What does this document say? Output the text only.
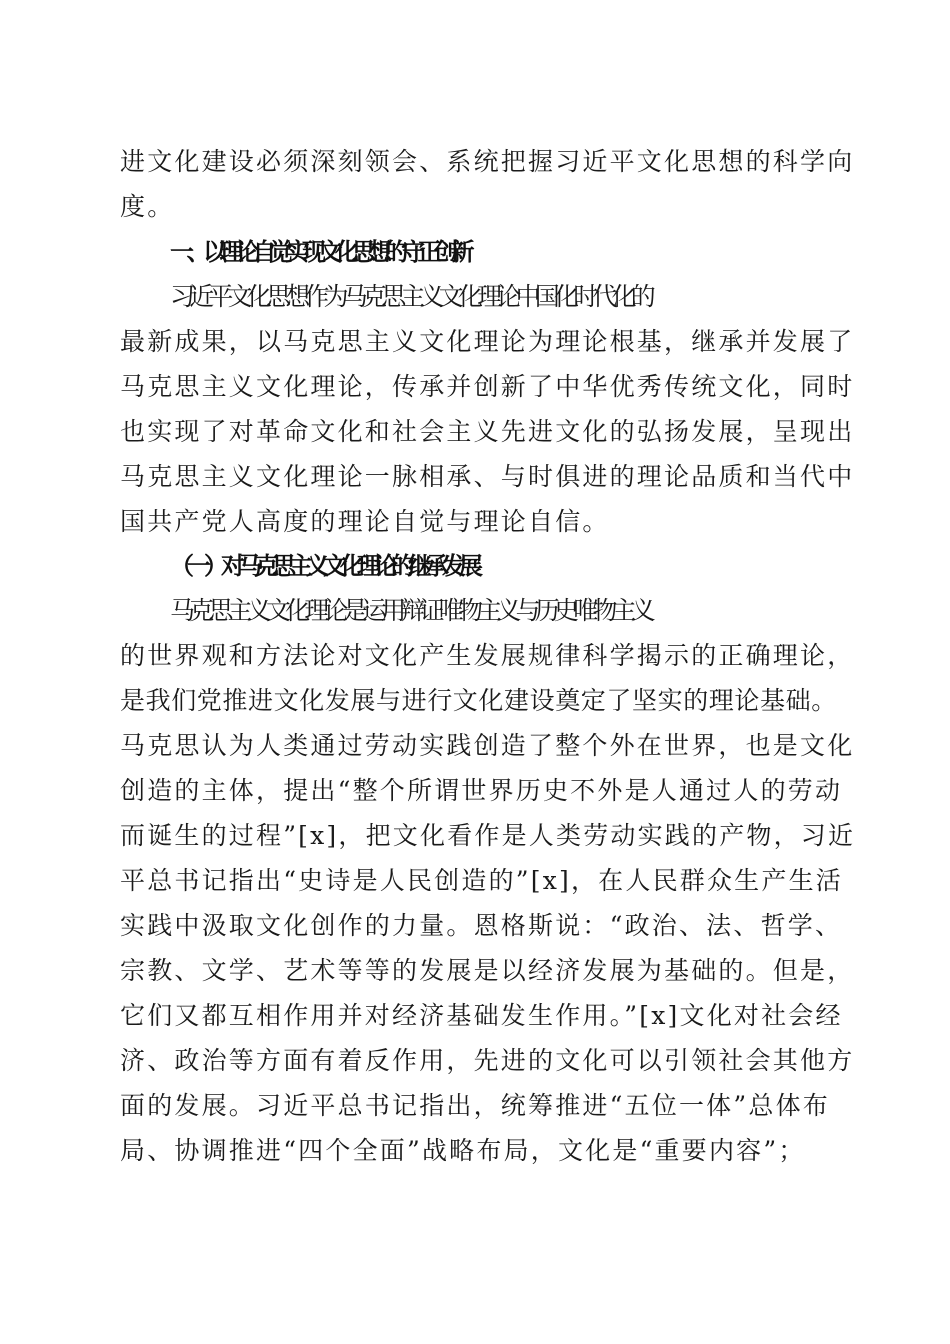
进文化建设必须深刻领会、系统把握习近平文化思想的科学向
度。
一、以理论自觉实现文化思想的守正创新
习近平文化思想作为马克思主义文化理论中国化时代化的
最新成果，以马克思主义文化理论为理论根基，继承并发展了
马克思主义文化理论，传承并创新了中华优秀传统文化，同时
也实现了对革命文化和社会主义先进文化的弘扬发展，呈现出
马克思主义文化理论一脉相承、与时俱进的理论品质和当代中
国共产党人高度的理论自觉与理论自信。
（一）对马克思主义文化理论的继承发展
马克思主义文化理论是运用辩证唯物主义与历史唯物主义
的世界观和方法论对文化产生发展规律科学揭示的正确理论，
是我们党推进文化发展与进行文化建设奠定了坚实的理论基础。
马克思认为人类通过劳动实践创造了整个外在世界，也是文化
创造的主体，提出“整个所谓世界历史不外是人通过人的劳动
而诞生的过程”[x]，把文化看作是人类劳动实践的产物，习近
平总书记指出“史诗是人民创造的”[x]，在人民群众生产生活
实践中汲取文化创作的力量。恩格斯说：“政治、法、哲学、
宗教、文学、艺术等等的发展是以经济发展为基础的。但是，
它们又都互相作用并对经济基础发生作用。”[x]文化对社会经
济、政治等方面有着反作用，先进的文化可以引领社会其他方
面的发展。习近平总书记指出，统筹推进“五位一体”总体布
局、协调推进“四个全面”战略布局，文化是“重要内容”；
